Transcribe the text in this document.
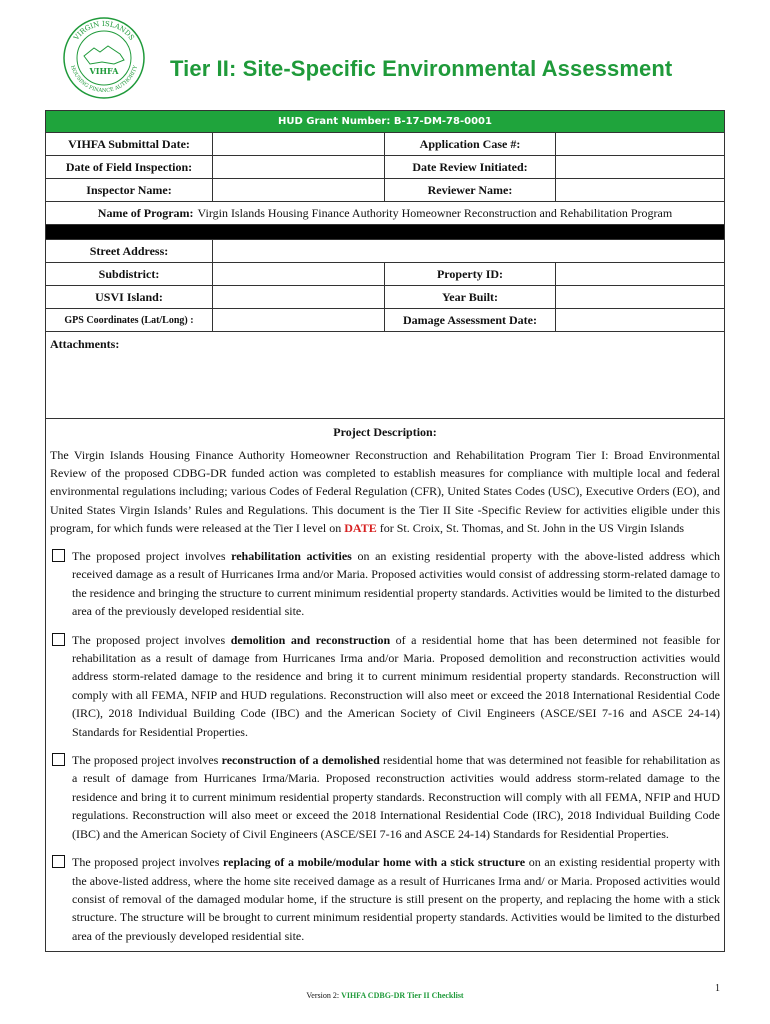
VIRGIN ISLANDS
HOUSING FINANCE AUTHORITY
VIHFA Tier II: Site-Specific Environmental Assessment
HUD Grant Number: B-17-DM-78-0001
VIHFA Submittal Date:	Application Case #:
Date of Field Inspection:	Date Review Initiated:
Inspector Name:	Reviewer Name:
Name of Program: Virgin Islands Housing Finance Authority Homeowner Reconstruction and Rehabilitation Program
Street Address:
Subdistrict:	Property ID:
USVI Island:	Year Built:
GPS Coordinates (Lat/Long) :	Damage Assessment Date:
Attachments:
Project Description:

The Virgin Islands Housing Finance Authority Homeowner Reconstruction and Rehabilitation Program Tier I: Broad Environmental Review of the proposed CDBG-DR funded action was completed to establish measures for compliance with multiple local and federal environmental regulations including; various Codes of Federal Regulation (CFR), United States Codes (USC), Executive Orders (EO), and United States Virgin Islands’ Rules and Regulations. This document is the Tier II Site -Specific Review for activities eligible under this program, for which funds were released at the Tier I level on DATE for St. Croix, St. Thomas, and St. John in the US Virgin Islands

The proposed project involves rehabilitation activities on an existing residential property with the above-listed address which received damage as a result of Hurricanes Irma and/or Maria. Proposed activities would consist of addressing storm-related damage to the residence and bringing the structure to current minimum residential property standards. Activities would be limited to the disturbed area of the previously developed residential site.

The proposed project involves demolition and reconstruction of a residential home that has been determined not feasible for rehabilitation as a result of damage from Hurricanes Irma and/or Maria. Proposed demolition and reconstruction activities would address storm-related damage to the residence and bring it to current minimum residential property standards. Reconstruction will comply with all FEMA, NFIP and HUD regulations. Reconstruction will also meet or exceed the 2018 International Residential Code (IRC), 2018 Individual Building Code (IBC) and the American Society of Civil Engineers (ASCE/SEI 7-16 and ASCE 24-14) Standards for Residential Properties.

The proposed project involves reconstruction of a demolished residential home that was determined not feasible for rehabilitation as a result of damage from Hurricanes Irma/Maria. Proposed reconstruction activities would address storm-related damage to the residence and bring it to current minimum residential property standards. Reconstruction will comply with all FEMA, NFIP and HUD regulations. Reconstruction will also meet or exceed the 2018 International Residential Code (IRC), 2018 Individual Building Code (IBC) and the American Society of Civil Engineers (ASCE/SEI 7-16 and ASCE 24-14) Standards for Residential Properties.

The proposed project involves replacing of a mobile/modular home with a stick structure on an existing residential property with the above-listed address, where the home site received damage as a result of Hurricanes Irma and/ or Maria. Proposed activities would consist of removal of the damaged modular home, if the structure is still present on the property, and replacing the home with a stick structure. The structure will be brought to current minimum residential property standards. Activities would be limited to the disturbed area of the previously developed residential site.

1
Version 2: VIHFA CDBG-DR Tier II Checklist
